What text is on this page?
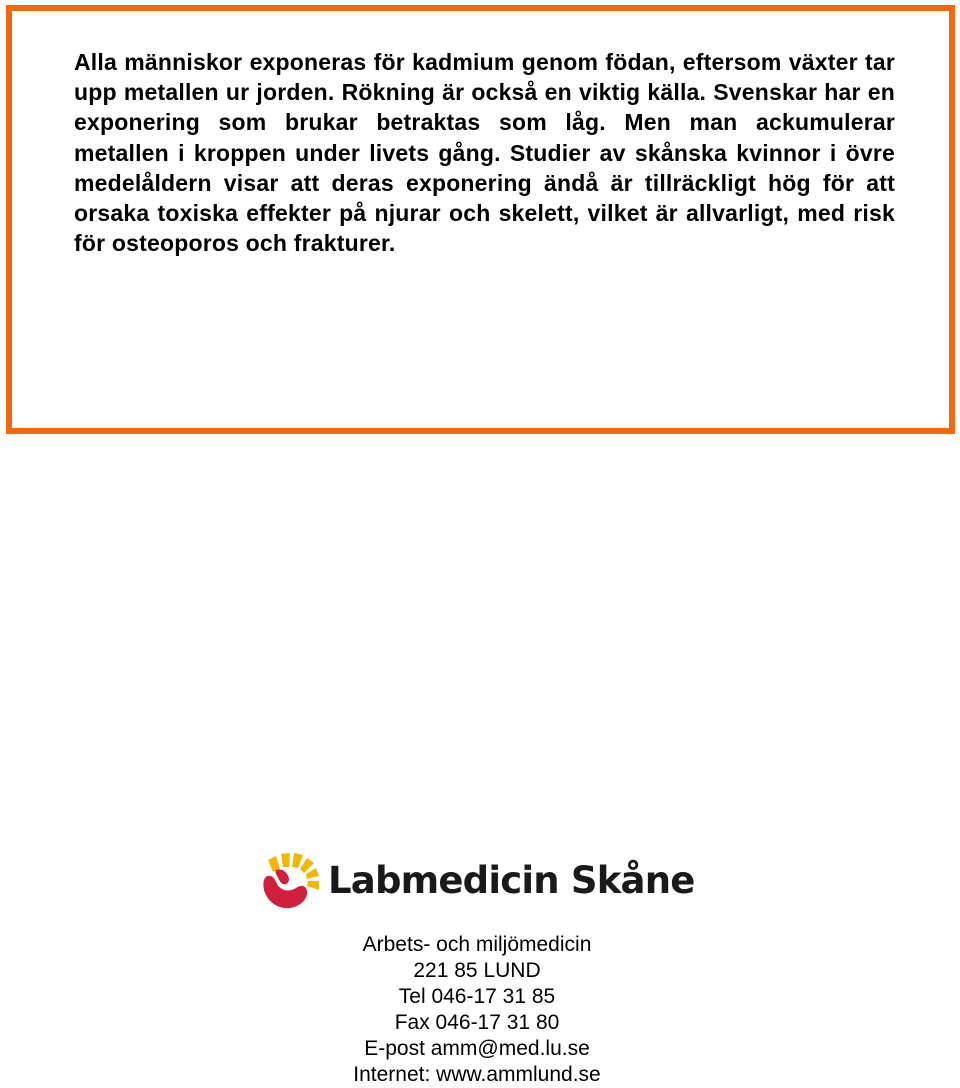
Alla människor exponeras för kadmium genom födan, eftersom växter tar upp metallen ur jorden. Rökning är också en viktig källa. Svenskar har en exponering som brukar betraktas som låg. Men man ackumulerar metallen i kroppen under livets gång. Studier av skånska kvinnor i övre medelåldern visar att deras exponering ändå är tillräckligt hög för att orsaka toxiska effekter på njurar och skelett, vilket är allvarligt, med risk för osteoporos och frakturer.

Labmedicin Skåne
Arbets- och miljömedicin
221 85 LUND
Tel 046-17 31 85
Fax 046-17 31 80
E-post amm@med.lu.se
Internet: www.ammlund.se
